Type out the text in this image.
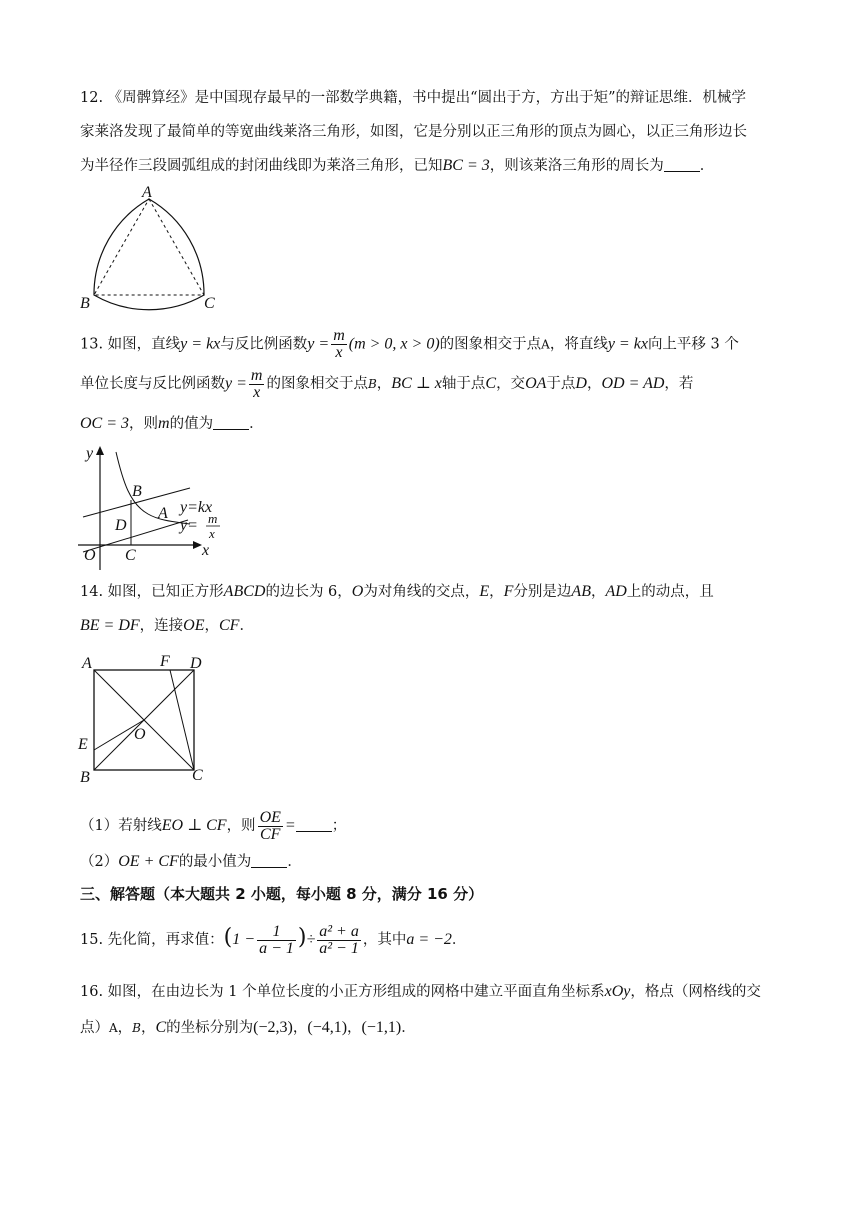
12. 《周髀算经》是中国现存最早的一部数学典籍，书中提出“圆出于方，方出于矩”的辩证思维．机械学
家莱洛发现了最简单的等宽曲线莱洛三角形，如图，它是分别以正三角形的顶点为圆心，以正三角形边长
为半径作三段圆弧组成的封闭曲线即为莱洛三角形，已知BC = 3，则该莱洛三角形的周长为 ．
A
B	C
13. 如图，直线y = kx与反比例函数$y = \frac{m}{x} (m > 0$, x > 0)的图象相交于点A，将直线y = kx向上平移 3 个
单位长度与反比例函数$y = \frac{m}{x}$ 的图象相交于点B，BC ⊥ x轴于点C，交OA于点D，OD = AD，若
OC = 3，则m的值为 ．
y
x
O C
B
D
A y=kx
y= m
x
14. 如图，已知正方形ABCD的边长为 6，O为对角线的交点，E，F分别是边AB，AD上的动点，且
BE = DF，连接OE，CF．
A	F D
E
O
B	C
（1）若射线EO ⊥ CF，则 $\frac{OE}{CF}$ = ；
（2）OE + CF的最小值为 ．
三、解答题（本大题共 2 小题，每小题 8 分，满分 16 分）
15. 先化简，再求值：($1 - \frac{1}{a - 1}$ )÷ $\frac{\text{a² + a}}{\text{a² − 1}}$ ，其中a = −2．
16. 如图，在由边长为 1 个单位长度的小正方形组成的网格中建立平面直角坐标系xOy，格点（网格线的交
点）A，B，C的坐标分别为(−2,3)，(−4,1)，(−1,1)．
